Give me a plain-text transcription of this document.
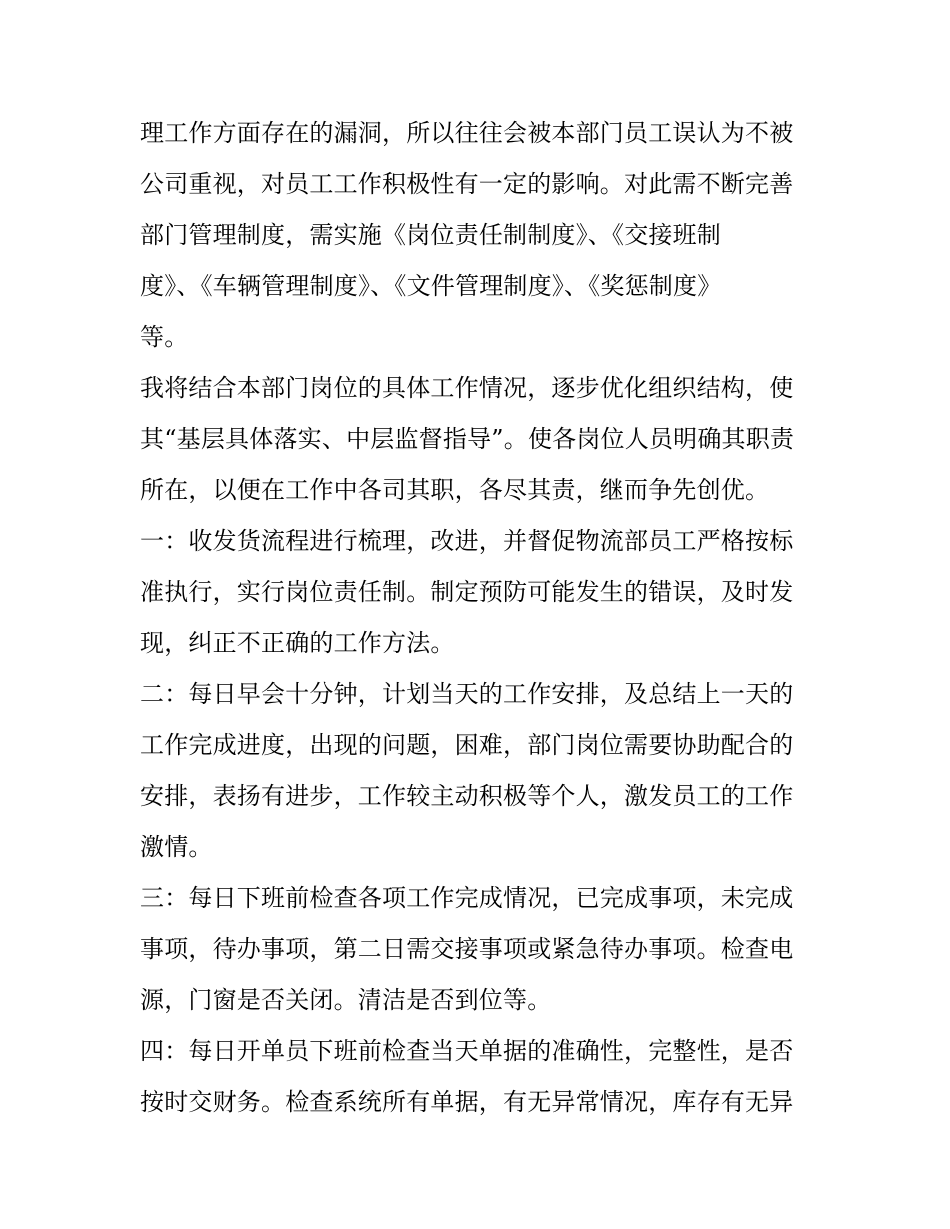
理工作方面存在的漏洞，所以往往会被本部门员工误认为不被
公司重视，对员工工作积极性有一定的影响。对此需不断完善
部门管理制度，需实施《岗位责任制制度》、《交接班制
度》、《车辆管理制度》、《文件管理制度》、《奖惩制度》
等。
我将结合本部门岗位的具体工作情况，逐步优化组织结构，使
其“基层具体落实、中层监督指导”。使各岗位人员明确其职责
所在，以便在工作中各司其职，各尽其责，继而争先创优。
一：收发货流程进行梳理，改进，并督促物流部员工严格按标
准执行，实行岗位责任制。制定预防可能发生的错误，及时发
现，纠正不正确的工作方法。
二：每日早会十分钟，计划当天的工作安排，及总结上一天的
工作完成进度，出现的问题，困难，部门岗位需要协助配合的
安排，表扬有进步，工作较主动积极等个人，激发员工的工作
激情。
三：每日下班前检查各项工作完成情况，已完成事项，未完成
事项，待办事项，第二日需交接事项或紧急待办事项。检查电
源，门窗是否关闭。清洁是否到位等。
四：每日开单员下班前检查当天单据的准确性，完整性，是否
按时交财务。检查系统所有单据，有无异常情况，库存有无异
